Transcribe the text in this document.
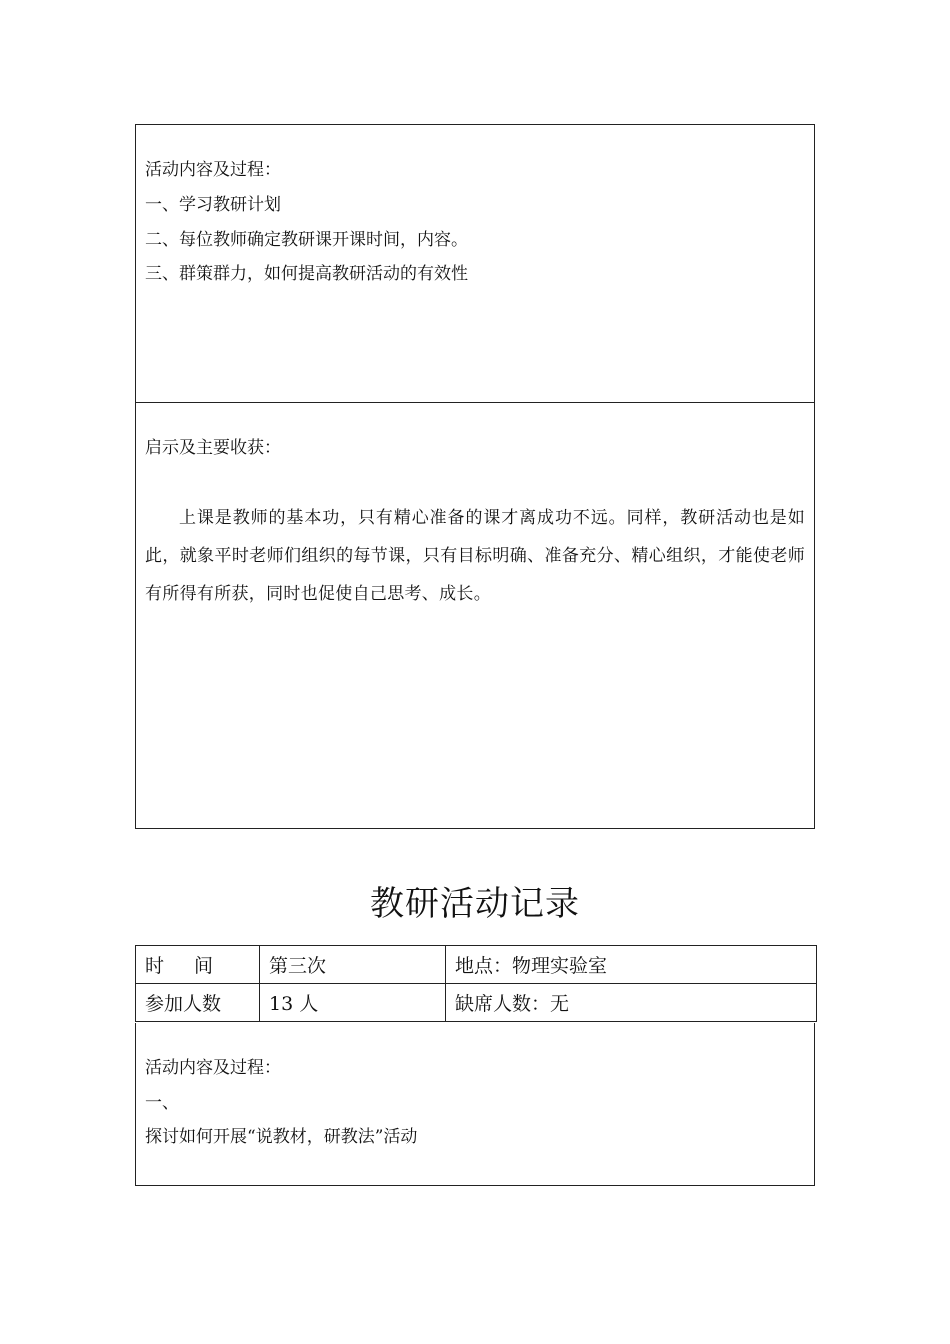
活动内容及过程：
一、学习教研计划
二、每位教师确定教研课开课时间，内容。
三、群策群力，如何提高教研活动的有效性
启示及主要收获：
上课是教师的基本功，只有精心准备的课才离成功不远。同样，教研活动也是如此，就象平时老师们组织的每节课，只有目标明确、准备充分、精心组织，才能使老师有所得有所获，同时也促使自己思考、成长。
教研活动记录
时 间	第三次	地点：物理实验室
参加人数	13 人	缺席人数：无
活动内容及过程：
一、
探讨如何开展“说教材，研教法”活动
